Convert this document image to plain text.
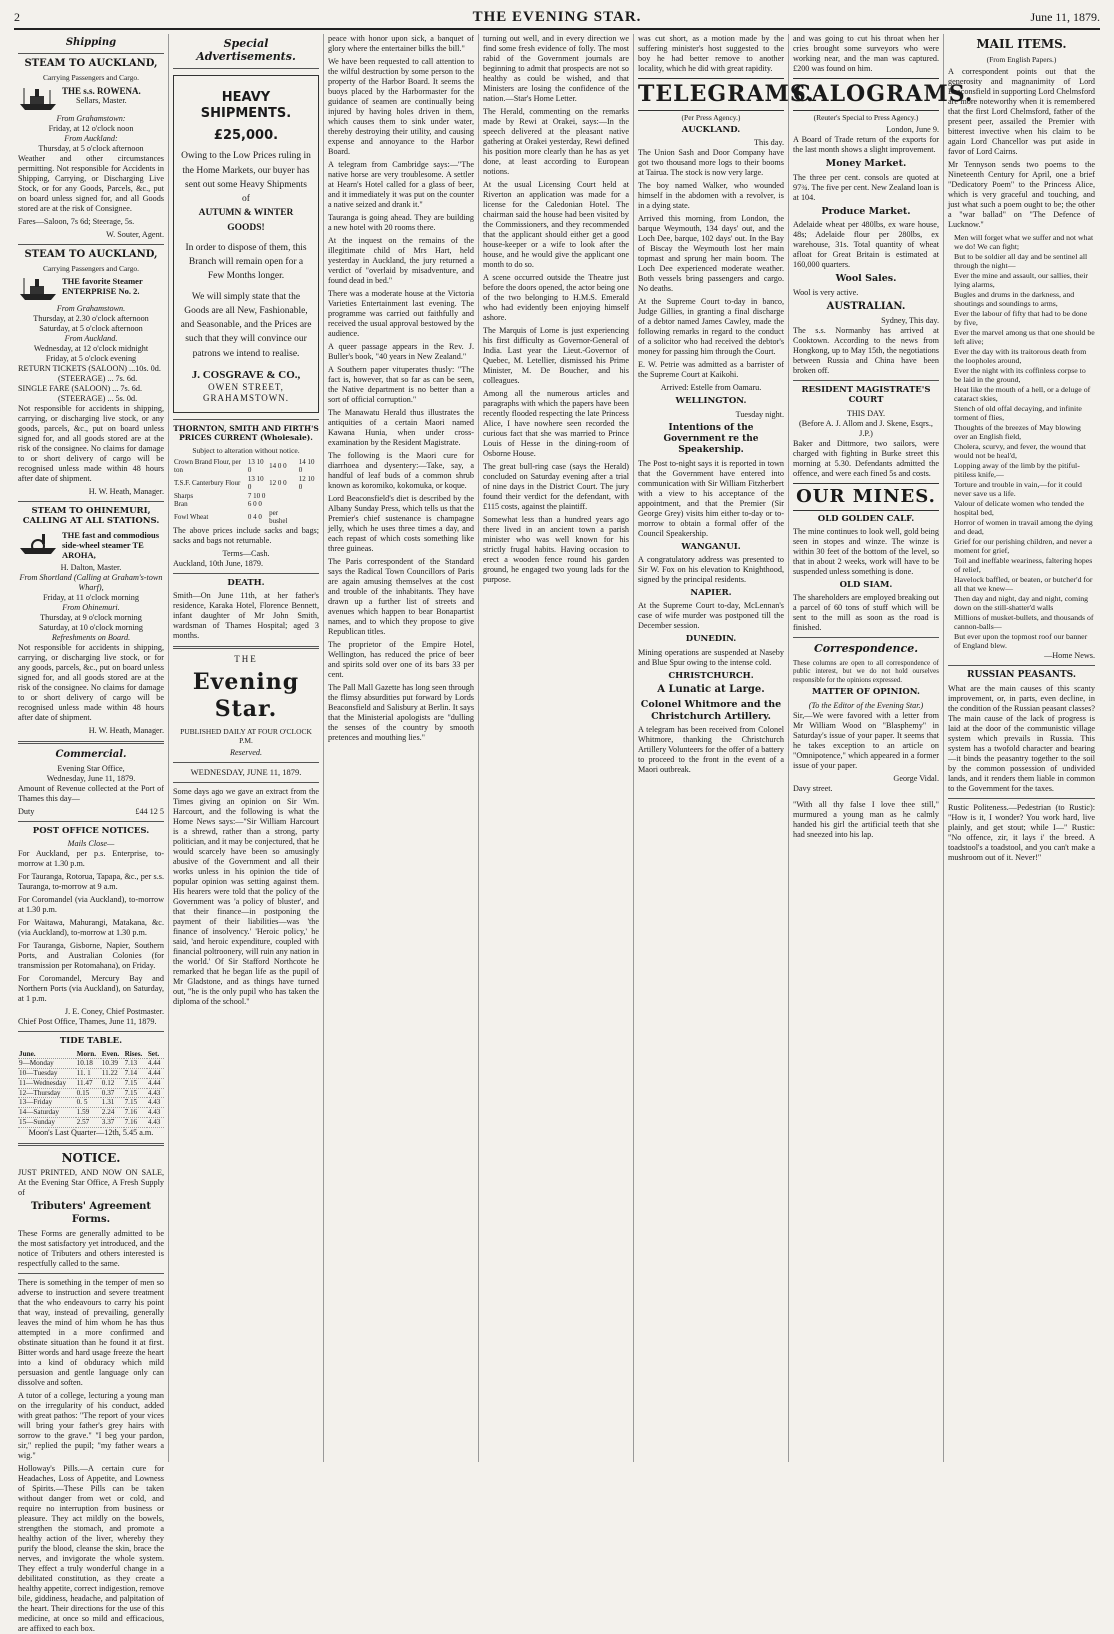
2	THE EVENING STAR.	June 11, 1879.
Shipping
STEAM TO AUCKLAND,
Carrying Passengers and Cargo.
THE s.s. ROWENA.
Sellars, Master.
From Grahamstown:
Friday, at 12 o'clock noon
From Auckland:
Thursday, at 5 o'clock afternoon

Weather and other circumstances permitting. Not responsible for Accidents in Shipping, Carrying, or Discharging Live Stock, or for any Goods, Parcels, &c., put on board unless signed for, and all Goods stored are at the risk of Consignee.

Fares—Saloon, 7s 6d; Steerage, 5s.

W. Souter, Agent.
STEAM TO AUCKLAND,
Carrying Passengers and Cargo.
THE favorite Steamer ENTERPRISE No. 2.
From Grahamstown.
Thursday, at 2.30 o'clock afternoon
Saturday, at 5 o'clock afternoon
From Auckland.
Wednesday, at 12 o'clock midnight
Friday, at 5 o'clock evening
RETURN TICKETS (SALOON) ...10s. 0d.
(STEERAGE) ... 7s. 6d.
SINGLE FARE (SALOON) ... 7s. 6d.
(STEERAGE) ... 5s. 0d.

Not responsible for accidents in shipping, carrying, or discharging live stock, or any goods, parcels, &c., put on board unless signed for, and all goods stored are at the risk of the consignee. No claims for damage to or short delivery of cargo will be recognised unless made within 48 hours after date of shipment.

H. W. Heath, Manager.
STEAM TO OHINEMURI, CALLING AT ALL STATIONS.
THE fast and commodious side-wheel steamer TE AROHA,
H. Dalton, Master.
From Shortland (Calling at Graham's-town Wharf),
Friday, at 11 o'clock morning
From Ohinemuri.
Thursday, at 9 o'clock morning
Saturday, at 10 o'clock morning
Refreshments on Board.

Not responsible for accidents in shipping, carrying, or discharging live stock, or for any goods, parcels, &c., put on board unless signed for, and all goods stored are at the risk of the consignee. No claims for damage to or short delivery of cargo will be recognised unless made within 48 hours after date of shipment.

H. W. Heath, Manager.
Commercial.
Evening Star Office,
Wednesday, June 11, 1879.

Amount of Revenue collected at the Port of Thames this day—

Duty	£44 12 5
POST OFFICE NOTICES.
Mails Close—

For Auckland, per p.s. Enterprise, to-morrow at 1.30 p.m.

For Tauranga, Rotorua, Tapapa, &c., per s.s. Tauranga, to-morrow at 9 a.m.

For Coromandel (via Auckland), to-morrow at 1.30 p.m.

For Waitawa, Mahurangi, Matakana, &c. (via Auckland), to-morrow at 1.30 p.m.

For Tauranga, Gisborne, Napier, Southern Ports, and Australian Colonies (for transmission per Rotomahana), on Friday.

For Coromandel, Mercury Bay and Northern Ports (via Auckland), on Saturday, at 1 p.m.

J. E. Coney, Chief Postmaster.
Chief Post Office, Thames, June 11, 1879.
TIDE TABLE.
June.	Morn.	Even.	Rises.	Set.
9—Monday	10.18	10.39	7.13	4.44
10—Tuesday	11. 1	11.22	7.14	4.44
11—Wednesday	11.47	0.12	7.15	4.44
12—Thursday	0.15	0.37	7.15	4.43
13—Friday	0. 5	1.31	7.15	4.43
14—Saturday	1.59	2.24	7.16	4.43
15—Sunday	2.57	3.37	7.16	4.43
Moon's Last Quarter—12th, 5.45 a.m.
NOTICE.

JUST PRINTED, AND NOW ON SALE, At the Evening Star Office, A Fresh Supply of

Tributers' Agreement Forms.

These Forms are generally admitted to be the most satisfactory yet introduced, and the notice of Tributers and others interested is respectfully called to the same.

There is something in the temper of men so adverse to instruction and severe treatment that the who endeavours to carry his point that way, instead of prevailing, generally leaves the mind of him whom he has thus attempted in a more confirmed and obstinate situation than he found it at first. Bitter words and hard usage freeze the heart into a kind of obduracy which mild persuasion and gentle language only can dissolve and soften.

A tutor of a college, lecturing a young man on the irregularity of his conduct, added with great pathos: "The report of your vices will bring your father's grey hairs with sorrow to the grave." "I beg your pardon, sir," replied the pupil; "my father wears a wig."

Holloway's Pills.—A certain cure for Headaches, Loss of Appetite, and Lowness of Spirits.—These Pills can be taken without danger from wet or cold, and require no interruption from business or pleasure. They act mildly on the bowels, strengthen the stomach, and promote a healthy action of the liver, whereby they purify the blood, cleanse the skin, brace the nerves, and invigorate the whole system. They effect a truly wonderful change in a debilitated constitution, as they create a healthy appetite, correct indigestion, remove bile, giddiness, headache, and palpitation of the heart. Their directions for the use of this medicine, at once so mild and efficacious, are affixed to each box.

Special Advertisements.
HEAVY SHIPMENTS.
£25,000.
Owing to the Low Prices ruling in the Home Markets, our buyer has sent out some Heavy Shipments of
AUTUMN & WINTER GOODS!
In order to dispose of them, this Branch will remain open for a Few Months longer.
We will simply state that the Goods are all New, Fashionable, and Seasonable, and the Prices are such that they will convince our patrons we intend to realise.
J. COSGRAVE & CO.,
OWEN STREET,
GRAHAMSTOWN.
THORNTON, SMITH AND FIRTH'S PRICES CURRENT (Wholesale).
Subject to alteration without notice.
Crown Brand Flour, per ton	13 10 0	14 0 0	14 10 0
T.S.F. Canterbury Flour	13 10 0	12 0 0	12 10 0
Sharps	7 10 0		
Bran	6 0 0		
Fowl Wheat	0 4 0	per bushel	

The above prices include sacks and bags; sacks and bags not returnable.

Terms—Cash.
Auckland, 10th June, 1879.
DEATH.

Smith—On June 11th, at her father's residence, Karaka Hotel, Florence Bennett, infant daughter of Mr John Smith, wardsman of Thames Hospital; aged 3 months.

THE
Evening Star.
PUBLISHED DAILY AT FOUR O'CLOCK P.M.
Reserved.
WEDNESDAY, JUNE 11, 1879.

Some days ago we gave an extract from the Times giving an opinion on Sir Wm. Harcourt, and the following is what the Home News says:—"Sir William Harcourt is a shrewd, rather than a strong, party politician, and it may be conjectured, that he would scarcely have been so amusingly abusive of the Government and all their works unless in his opinion the tide of popular opinion was setting against them. His hearers were told that the policy of the Government was 'a policy of bluster', and that their finance—in postponing the payment of their liabilities—was 'the finance of insolvency.' 'Heroic policy,' he said, 'and heroic expenditure, coupled with financial poltroonery, will ruin any nation in the world.' Of Sir Stafford Northcote he remarked that he began life as the pupil of Mr Gladstone, and as things have turned out, "he is the only pupil who has taken the diploma of the school."

peace with honor upon sick, a banquet of glory where the entertainer bilks the bill."

We have been requested to call attention to the wilful destruction by some person to the property of the Harbor Board. It seems the buoys placed by the Harbormaster for the guidance of seamen are continually being injured by having holes driven in them, which causes them to sink under water, thereby destroying their utility, and causing expense and annoyance to the Harbor Board.

A telegram from Cambridge says:—"The native horse are very troublesome. A settler at Hearn's Hotel called for a glass of beer, and it immediately it was put on the counter a native seized and drank it."

Tauranga is going ahead. They are building a new hotel with 20 rooms there.

At the inquest on the remains of the illegitimate child of Mrs Hart, held yesterday in Auckland, the jury returned a verdict of "overlaid by misadventure, and found dead in bed."

There was a moderate house at the Victoria Varieties Entertainment last evening. The programme was carried out faithfully and received the usual approval bestowed by the audience.

A queer passage appears in the Rev. J. Buller's book, "40 years in New Zealand."

A Southern paper vituperates thusly: "The fact is, however, that so far as can be seen, the Native department is no better than a sort of official corruption."

The Manawatu Herald thus illustrates the antiquities of a certain Maori named Kawana Hunia, when under cross-examination by the Resident Magistrate.

The following is the Maori cure for diarrhoea and dysentery:—Take, say, a handful of leaf buds of a common shrub known as koromiko, kokomuka, or koque.

Lord Beaconsfield's diet is described by the Albany Sunday Press, which tells us that the Premier's chief sustenance is champagne jelly, which he uses three times a day, and each repast of which costs something like three guineas.

The Paris correspondent of the Standard says the Radical Town Councillors of Paris are again amusing themselves at the cost and trouble of the inhabitants. They have drawn up a further list of streets and avenues which happen to bear Bonapartist names, and to which they propose to give Republican titles.

The proprietor of the Empire Hotel, Wellington, has reduced the price of beer and spirits sold over one of its bars 33 per cent.

The Pall Mall Gazette has long seen through the flimsy absurdities put forward by Lords Beaconsfield and Salisbury at Berlin. It says that the Ministerial apologists are "dulling the senses of the country by smooth pretences and mouthing lies."

turning out well, and in every direction we find some fresh evidence of folly. The most rabid of the Government journals are beginning to admit that prospects are not so healthy as could be wished, and that Ministers are losing the confidence of the nation.—Star's Home Letter.

The Herald, commenting on the remarks made by Rewi at Orakei, says:—In the speech delivered at the pleasant native gathering at Orakei yesterday, Rewi defined his position more clearly than he has as yet done, at least according to European notions.

At the usual Licensing Court held at Riverton an application was made for a license for the Caledonian Hotel. The chairman said the house had been visited by the Commissioners, and they recommended that the applicant should either get a good house-keeper or a wife to look after the house, and he would give the applicant one month to do so.

A scene occurred outside the Theatre just before the doors opened, the actor being one of the two belonging to H.M.S. Emerald who had evidently been enjoying himself ashore.

The Marquis of Lorne is just experiencing his first difficulty as Governor-General of India. Last year the Lieut.-Governor of Quebec, M. Letellier, dismissed his Prime Minister, M. De Boucher, and his colleagues.

Among all the numerous articles and paragraphs with which the papers have been recently flooded respecting the late Princess Alice, I have nowhere seen recorded the curious fact that she was married to Prince Louis of Hesse in the dining-room of Osborne House.

The great bull-ring case (says the Herald) concluded on Saturday evening after a trial of nine days in the District Court. The jury found their verdict for the defendant, with £115 costs, against the plaintiff.

Somewhat less than a hundred years ago there lived in an ancient town a parish minister who was well known for his strictly frugal habits. Having occasion to erect a wooden fence round his garden ground, he engaged two young lads for the purpose.

was cut short, as a motion made by the suffering minister's host suggested to the boy he had better remove to another locality, which he did with great rapidity.

TELEGRAMS.
(Per Press Agency.)
AUCKLAND.
This day.

The Union Sash and Door Company have got two thousand more logs to their booms at Tairua. The stock is now very large.

The boy named Walker, who wounded himself in the abdomen with a revolver, is in a dying state.

Arrived this morning, from London, the barque Weymouth, 134 days' out, and the Loch Dee, barque, 102 days' out. In the Bay of Biscay the Weymouth lost her main topmast and sprung her main boom. The Loch Dee experienced moderate weather. Both vessels bring passengers and cargo. No deaths.

At the Supreme Court to-day in banco, Judge Gillies, in granting a final discharge of a debtor named James Cawley, made the following remarks in regard to the conduct of a solicitor who had received the debtor's money for passing him through the Court.

E. W. Petrie was admitted as a barrister of the Supreme Court at Kaikohi.

Arrived: Estelle from Oamaru.
WELLINGTON.
Tuesday night.
Intentions of the Government re the Speakership.

The Post to-night says it is reported in town that the Government have entered into communication with Sir William Fitzherbert with a view to his acceptance of the appointment, and that the Premier (Sir George Grey) visits him either to-day or to-morrow to obtain a formal offer of the Council Speakership.

WANGANUI.

A congratulatory address was presented to Sir W. Fox on his elevation to Knighthood, signed by the principal residents.

NAPIER.

At the Supreme Court to-day, McLennan's case of wife murder was postponed till the December session.

DUNEDIN.

Mining operations are suspended at Naseby and Blue Spur owing to the intense cold.

CHRISTCHURCH.
A Lunatic at Large.
Colonel Whitmore and the Christchurch Artillery.

A telegram has been received from Colonel Whitmore, thanking the Christchurch Artillery Volunteers for the offer of a battery to proceed to the front in the event of a Maori outbreak.

and was going to cut his throat when her cries brought some surveyors who were working near, and the man was captured. £200 was found on him.

CALOGRAMS.
(Reuter's Special to Press Agency.)
London, June 9.

A Board of Trade return of the exports for the last month shows a slight improvement.

Money Market.

The three per cent. consols are quoted at 97¾. The five per cent. New Zealand loan is at 104.

Produce Market.

Adelaide wheat per 480lbs, ex ware house, 48s; Adelaide flour per 280lbs, ex warehouse, 31s. Total quantity of wheat afloat for Great Britain is estimated at 160,000 quarters.

Wool Sales.

Wool is very active.

AUSTRALIAN.
Sydney, This day.

The s.s. Normanby has arrived at Cooktown. According to the news from Hongkong, up to May 15th, the negotiations between Russia and China have been broken off.

RESIDENT MAGISTRATE'S COURT
THIS DAY.
(Before A. J. Allom and J. Skene, Esqrs., J.P.)

Baker and Dittmore, two sailors, were charged with fighting in Burke street this morning at 5.30. Defendants admitted the offence, and were each fined 5s and costs.

OUR MINES.
OLD GOLDEN CALF.

The mine continues to look well, gold being seen in stopes and winze. The winze is within 30 feet of the bottom of the level, so that in about 2 weeks, work will have to be suspended unless something is done.

OLD SIAM.

The shareholders are employed breaking out a parcel of 60 tons of stuff which will be sent to the mill as soon as the road is finished.

Correspondence.

These columns are open to all correspondence of public interest, but we do not hold ourselves responsible for the opinions expressed.

MATTER OF OPINION.
(To the Editor of the Evening Star.)

Sir,—We were favored with a letter from Mr William Wood on "Blasphemy" in Saturday's issue of your paper. It seems that he takes exception to an article on "Omnipotence," which appeared in a former issue of your paper.

George Vidal.
Davy street.

"With all thy false I love thee still," murmured a young man as he calmly handed his girl the artificial teeth that she had sneezed into his lap.

MAIL ITEMS.
(From English Papers.)

A correspondent points out that the generosity and magnanimity of Lord Beaconsfield in supporting Lord Chelmsford are more noteworthy when it is remembered that the first Lord Chelmsford, father of the present peer, assailed the Premier with bitterest invective when his claim to be again Lord Chancellor was put aside in favor of Lord Cairns.

Mr Tennyson sends two poems to the Nineteenth Century for April, one a brief "Dedicatory Poem" to the Princess Alice, which is very graceful and touching, and just what such a poem ought to be; the other a "war ballad" on "The Defence of Lucknow."

Men will forget what we suffer and not what we do! We can fight;
But to be soldier all day and be sentinel all through the night—
Ever the mine and assault, our sallies, their lying alarms,
Bugles and drums in the darkness, and shoutings and soundings to arms,
Ever the labour of fifty that had to be done by five,
Ever the marvel among us that one should be left alive;
Ever the day with its traitorous death from the loopholes around,
Ever the night with its coffinless corpse to be laid in the ground,
Heat like the mouth of a hell, or a deluge of cataract skies,
Stench of old offal decaying, and infinite torment of flies,
Thoughts of the breezes of May blowing over an English field,
Cholera, scurvy, and fever, the wound that would not be heal'd,
Lopping away of the limb by the pitiful-pitiless knife,—
Torture and trouble in vain,—for it could never save us a life.
Valour of delicate women who tended the hospital bed,
Horror of women in travail among the dying and dead,
Grief for our perishing children, and never a moment for grief,
Toil and ineffable weariness, faltering hopes of relief,
Havelock baffled, or beaten, or butcher'd for all that we knew—
Then day and night, day and night, coming down on the still-shatter'd walls
Millions of musket-bullets, and thousands of cannon-balls—
But ever upon the topmost roof our banner of England blew.
—Home News.
RUSSIAN PEASANTS.

What are the main causes of this scanty improvement, or, in parts, even decline, in the condition of the Russian peasant classes? The main cause of the lack of progress is laid at the door of the communistic village system which prevails in Russia. This system has a twofold character and bearing—it binds the peasantry together to the soil by the common possession of undivided lands, and it renders them liable in common to the Government for the taxes.

Rustic Politeness.—Pedestrian (to Rustic): "How is it, I wonder? You work hard, live plainly, and get stout; while I—" Rustic: "No offence, zir, it lays i' the breed. A toadstool's a toadstool, and you can't make a mushroom out of it. Never!"
